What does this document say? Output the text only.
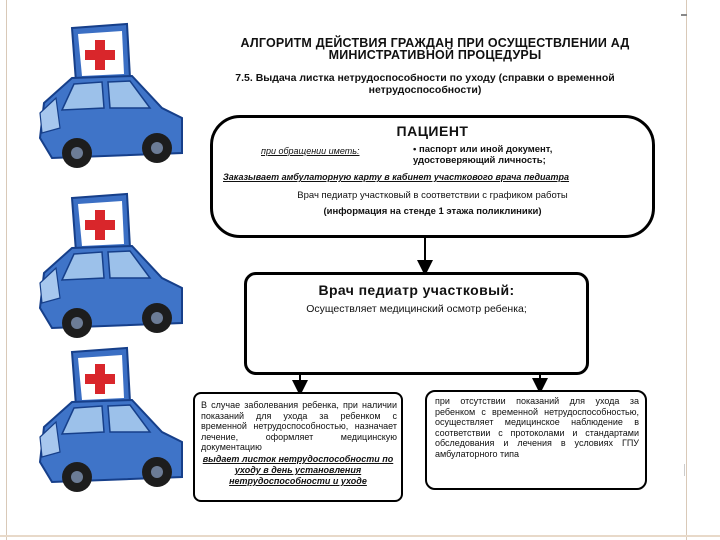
АЛГОРИТМ ДЕЙСТВИЯ ГРАЖДАН ПРИ ОСУЩЕСТВЛЕНИИ АД МИНИСТРАТИВНОЙ ПРОЦЕДУРЫ
7.5. Выдача листка нетрудоспособности по уходу (справки о временной нетрудоспособности)
ПАЦИЕНТ
при обращении иметь:	• паспорт или иной документ, удостоверяющий личность;
Заказывает амбулаторную карту в кабинет участкового врача педиатра
Врач педиатр участковый в соответствии с графиком работы
(информация на стенде 1 этажа поликлиники)
Врач педиатр участковый:
Осуществляет медицинский осмотр ребенка;
В случае заболевания ребенка, при наличии показаний для ухода за ребенком с временной нетрудоспособностью, назначает лечение, оформляет медицинскую документацию
выдает листок нетрудоспособности по уходу в день установления нетрудоспособности и уходе
при отсутствии показаний для ухода за ребенком с временной нетрудоспособностью, осуществляет медицинское наблюдение в соответствии с протоколами и стандартами обследования и лечения в условиях ГПУ амбулаторного типа
